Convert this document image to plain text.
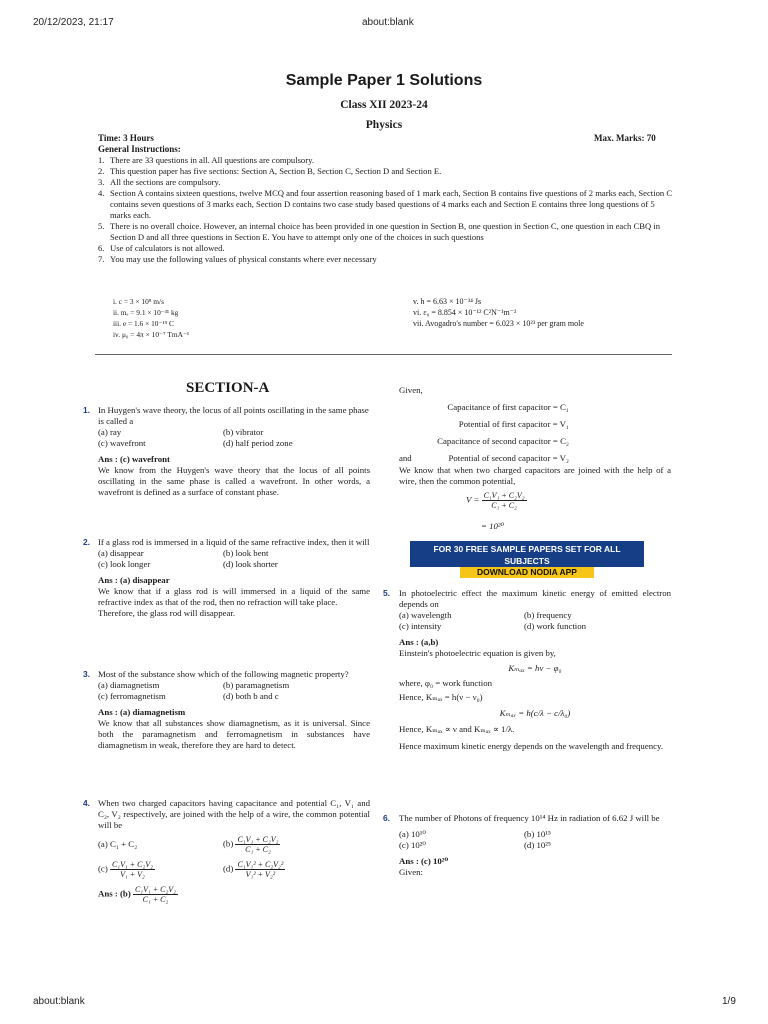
20/12/2023, 21:17	about:blank
about:blank	1/9
Sample Paper 1 Solutions
Class XII 2023-24
Physics
Time: 3 Hours	Max. Marks: 70
General Instructions:
1. There are 33 questions in all. All questions are compulsory.
2. This question paper has five sections: Section A, Section B, Section C, Section D and Section E.
3. All the sections are compulsory.
4. Section A contains sixteen questions, twelve MCQ and four assertion reasoning based of 1 mark each, Section B contains five questions of 2 marks each, Section C contains seven questions of 3 marks each, Section D contains two case study based questions of 4 marks each and Section E contains three long questions of 5 marks each.
5. There is no overall choice. However, an internal choice has been provided in one question in Section B, one question in Section C, one question in each CBQ in Section D and all three questions in Section E. You have to attempt only one of the choices in such questions
6. Use of calculators is not allowed.
7. You may use the following values of physical constants where ever necessary
i. c = 3 × 10⁸ m/s
ii. mₑ = 9.1 × 10⁻³¹ kg
iii. e = 1.6 × 10⁻¹⁹ C
iv. μ₀ = 4π × 10⁻⁷ TmA⁻¹
v. h = 6.63 × 10⁻³⁴ Js
vi. ε₀ = 8.854 × 10⁻¹² C²N⁻¹m⁻²
vii. Avogadro's number = 6.023 × 10²³ per gram mole
SECTION-A
1. In Huygen's wave theory, the locus of all points oscillating in the same phase is called a
(a) ray	(b) vibrator
(c) wavefront	(d) half period zone
Ans : (c) wavefront
We know from the Huygen's wave theory that the locus of all points oscillating in the same phase is called a wavefront. In other words, a wavefront is defined as a surface of constant phase.
2. If a glass rod is immersed in a liquid of the same refractive index, then it will
(a) disappear	(b) look bent
(c) look longer	(d) look shorter
Ans : (a) disappear
We know that if a glass rod is will immersed in a liquid of the same refractive index as that of the rod, then no refraction will take place.
Therefore, the glass rod will disappear.
3. Most of the substance show which of the following magnetic property?
(a) diamagnetism	(b) paramagnetism
(c) ferromagnetism	(d) both b and c
Ans : (a) diamagnetism
We know that all substances show diamagnetism, as it is universal. Since both the paramagnetism and ferromagnetism in substances have diamagnetism in weak, therefore they are hard to detect.
4. When two charged capacitors having capacitance and potential C₁, V₁ and C₂, V₂ respectively, are joined with the help of a wire, the common potential will be
(a) C₁ + C₂	$(b) \frac{\text{C₁V₁ + C₂V₂}}{\text{C₁ + C₂}}$
$(c) \frac{\text{C₁V₁ + C₂V₂}}{\text{V₁ + V₂}}$	$(d) \frac{\text{C₁V₁² + C₂V₂²}}{\text{V₁² + V₂²}}$
Ans : $(b) \frac{\text{C₁V₁ + C₂V₂}}{\text{C₁ + C₂}}$
Given,
Capacitance of first capacitor = C₁
Potential of first capacitor = V₁
Capacitance of second capacitor = C₂
Potential of second capacitor = V₂
and
We know that when two charged capacitors are joined with the help of a wire, then the common potential,
$V = \frac{\text{C₁V₁ + C₂V₂}}{\text{C₁ + C₂}}$
= 10²⁰
FOR 30 FREE SAMPLE PAPERS SET FOR ALL SUBJECTS
DOWNLOAD NODIA APP
5. In photoelectric effect the maximum kinetic energy of emitted electron depends on
(a) wavelength	(b) frequency
(c) intensity	(d) work function
Ans : (a,b)
Einstein's photoelectric equation is given by,
Kₘₐₓ = hν − φ₀
where, φ₀ = work function
Hence, Kₘₐₓ = h(ν − ν₀)
Kₘₐₓ = h(c/λ − c/λ₀)
Hence, Kₘₐₓ ∝ ν and Kₘₐₓ ∝ 1/λ.
Hence maximum kinetic energy depends on the wavelength and frequency.
6. The number of Photons of frequency 10¹⁴ Hz in radiation of 6.62 J will be
(a) 10¹⁰	(b) 10¹⁵
(c) 10²⁰	(d) 10²⁵
Ans : (c) 10²⁰
Given:
